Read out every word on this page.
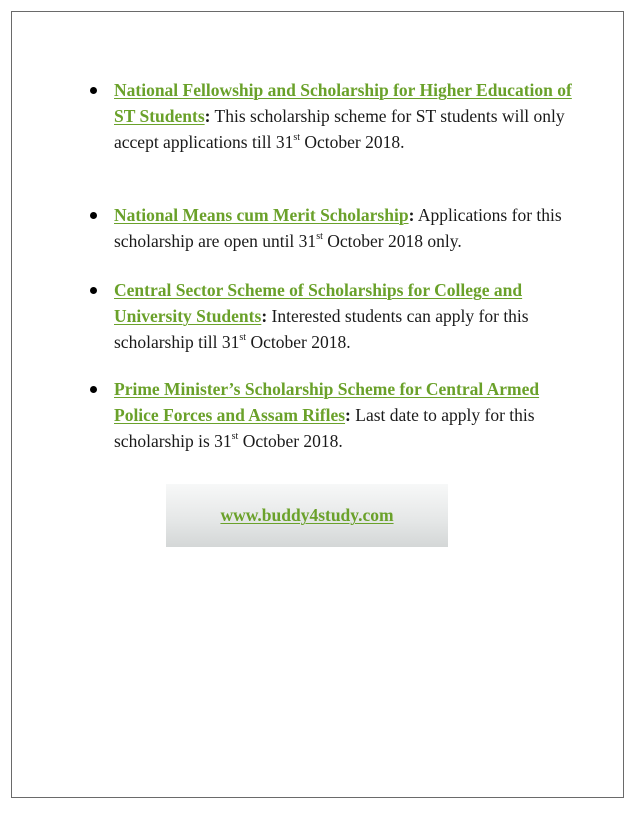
National Fellowship and Scholarship for Higher Education of ST Students: This scholarship scheme for ST students will only accept applications till 31st October 2018.
National Means cum Merit Scholarship: Applications for this scholarship are open until 31st October 2018 only.
Central Sector Scheme of Scholarships for College and University Students: Interested students can apply for this scholarship till 31st October 2018.
Prime Minister’s Scholarship Scheme for Central Armed Police Forces and Assam Rifles: Last date to apply for this scholarship is 31st October 2018.
www.buddy4study.com
